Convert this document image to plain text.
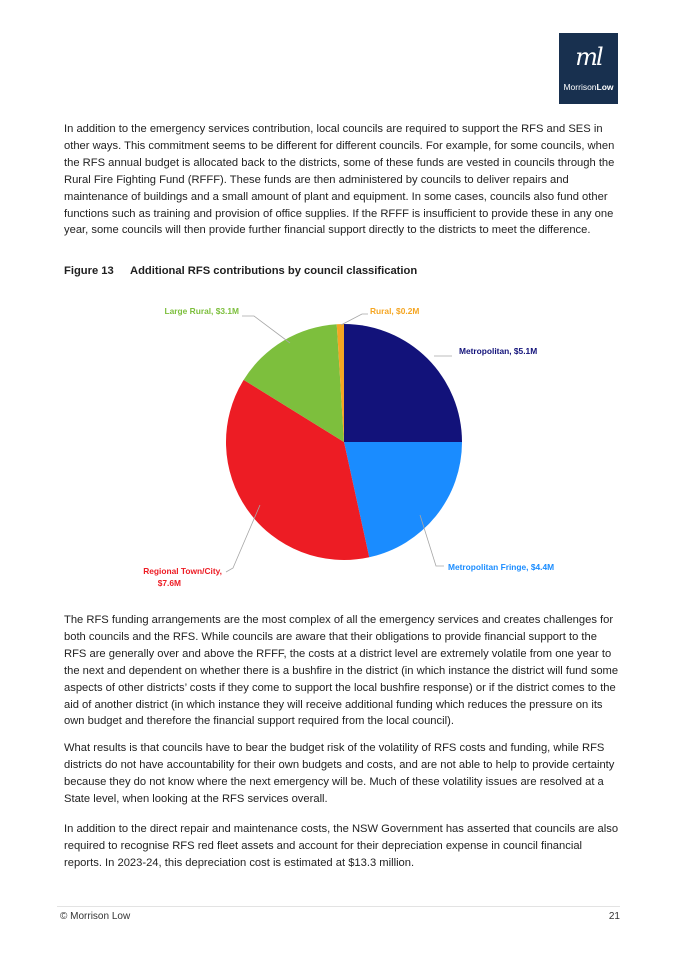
ml
MorrisonLow

In addition to the emergency services contribution, local councils are required to support the RFS and SES in other ways. This commitment seems to be different for different councils. For example, for some councils, when the RFS annual budget is allocated back to the districts, some of these funds are vested in councils through the Rural Fire Fighting Fund (RFFF). These funds are then administered by councils to deliver repairs and maintenance of buildings and a small amount of plant and equipment. In some cases, councils also fund other functions such as training and provision of office supplies. If the RFFF is insufficient to provide these in any one year, some councils will then provide further financial support directly to the districts to meet the difference.

Figure 13 Additional RFS contributions by council classification
Metropolitan, $5.1M
Metropolitan Fringe, $4.4M
Regional Town/City, $7.6M
Large Rural, $3.1M	Rural, $0.2M

The RFS funding arrangements are the most complex of all the emergency services and creates challenges for both councils and the RFS. While councils are aware that their obligations to provide financial support to the RFS are generally over and above the RFFF, the costs at a district level are extremely volatile from one year to the next and dependent on whether there is a bushfire in the district (in which instance the district will fund some aspects of other districts’ costs if they come to support the local bushfire response) or if the district comes to the aid of another district (in which instance they will receive additional funding which reduces the pressure on its own budget and therefore the financial support required from the local council).

What results is that councils have to bear the budget risk of the volatility of RFS costs and funding, while RFS districts do not have accountability for their own budgets and costs, and are not able to help to provide certainty because they do not know where the next emergency will be. Much of these volatility issues are resolved at a State level, when looking at the RFS services overall.

In addition to the direct repair and maintenance costs, the NSW Government has asserted that councils are also required to recognise RFS red fleet assets and account for their depreciation expense in council financial reports. In 2023-24, this depreciation cost is estimated at $13.3 million.

© Morrison Low	21
